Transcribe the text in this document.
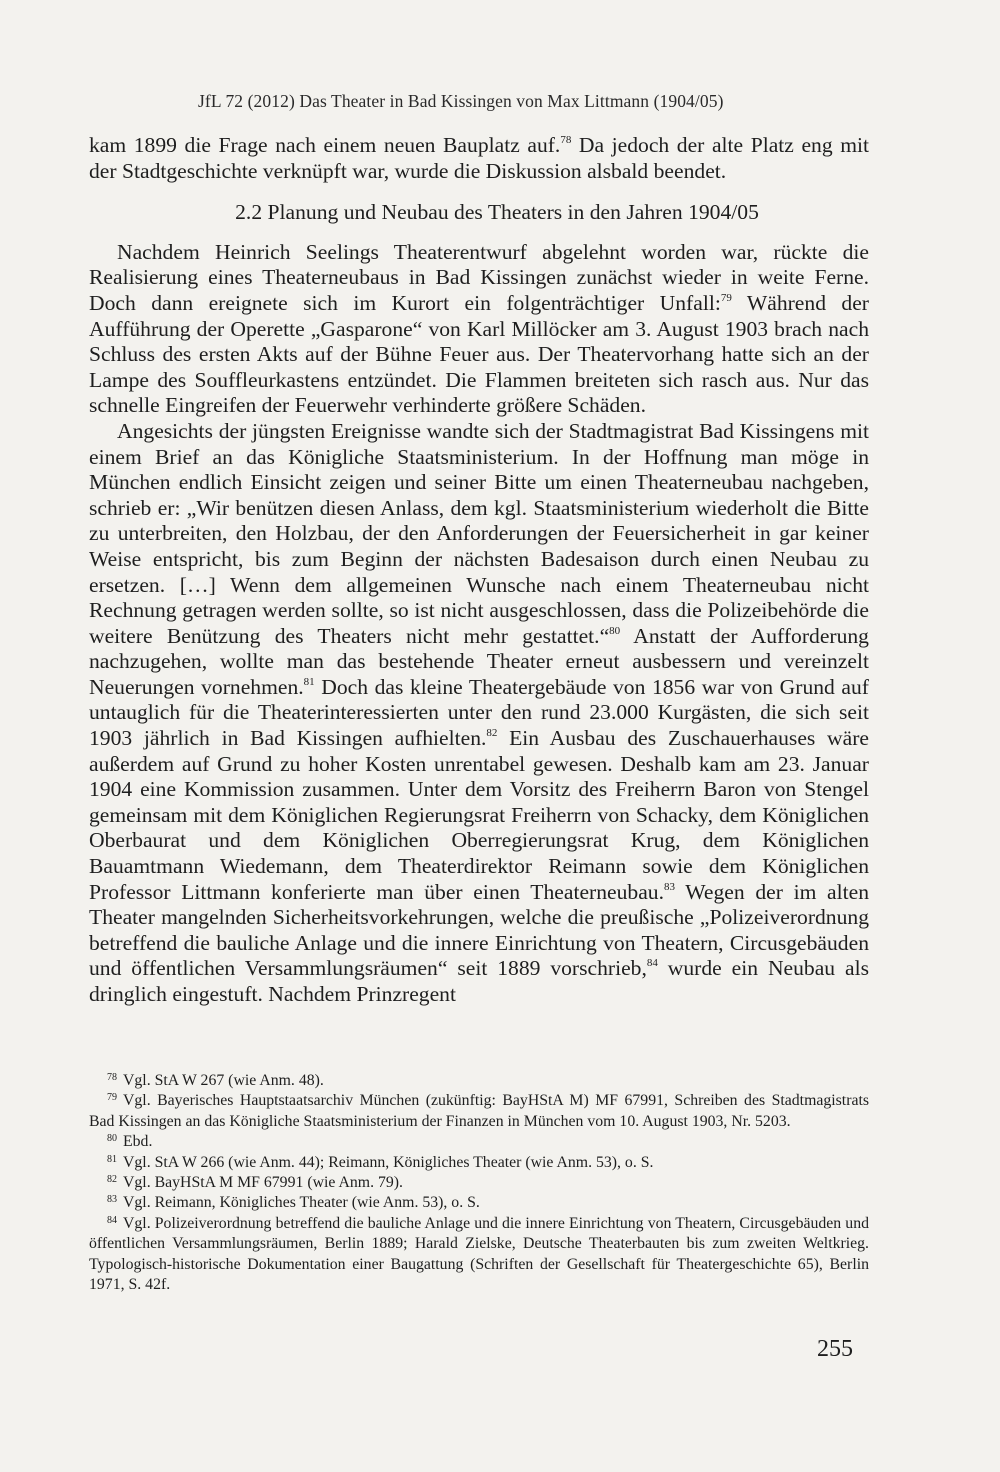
JfL 72 (2012) Das Theater in Bad Kissingen von Max Littmann (1904/05)

kam 1899 die Frage nach einem neuen Bauplatz auf.$^{78}$ Da jedoch der alte Platz eng mit der Stadtgeschichte verknüpft war, wurde die Diskussion alsbald beendet.

2.2 Planung und Neubau des Theaters in den Jahren 1904/05

Nachdem Heinrich Seelings Theaterentwurf abgelehnt worden war, rückte die Realisierung eines Theaterneubaus in Bad Kissingen zunächst wieder in weite Ferne. Doch dann ereignete sich im Kurort ein folgenträchtiger Unfall:$^{79}$ Während der Aufführung der Operette „Gasparone“ von Karl Millöcker am 3. August 1903 brach nach Schluss des ersten Akts auf der Bühne Feuer aus. Der Theatervorhang hatte sich an der Lampe des Souffleurkastens entzündet. Die Flammen breiteten sich rasch aus. Nur das schnelle Eingreifen der Feuerwehr verhinderte größere Schäden.

Angesichts der jüngsten Ereignisse wandte sich der Stadtmagistrat Bad Kissingens mit einem Brief an das Königliche Staatsministerium. In der Hoffnung man möge in München endlich Einsicht zeigen und seiner Bitte um einen Theaterneubau nachgeben, schrieb er: „Wir benützen diesen Anlass, dem kgl. Staatsministerium wiederholt die Bitte zu unterbreiten, den Holzbau, der den Anforderungen der Feuersicherheit in gar keiner Weise entspricht, bis zum Beginn der nächsten Badesaison durch einen Neubau zu ersetzen. […] Wenn dem allgemeinen Wunsche nach einem Theaterneubau nicht Rechnung getragen werden sollte, so ist nicht ausgeschlossen, dass die Polizeibehörde die weitere Benützung des Theaters nicht mehr gestattet.“$^{80}$ Anstatt der Aufforderung nachzugehen, wollte man das bestehende Theater erneut ausbessern und vereinzelt Neuerungen vornehmen.$^{81}$ Doch das kleine Theatergebäude von 1856 war von Grund auf untauglich für die Theaterinteressierten unter den rund 23.000 Kurgästen, die sich seit 1903 jährlich in Bad Kissingen aufhielten.$^{82}$ Ein Ausbau des Zuschauerhauses wäre außerdem auf Grund zu hoher Kosten unrentabel gewesen. Deshalb kam am 23. Januar 1904 eine Kommission zusammen. Unter dem Vorsitz des Freiherrn Baron von Stengel gemeinsam mit dem Königlichen Regierungsrat Freiherrn von Schacky, dem Königlichen Oberbaurat und dem Königlichen Oberregierungsrat Krug, dem Königlichen Bauamtmann Wiedemann, dem Theaterdirektor Reimann sowie dem Königlichen Professor Littmann konferierte man über einen Theaterneubau.$^{83}$ Wegen der im alten Theater mangelnden Sicherheitsvorkehrungen, welche die preußische „Polizeiverordnung betreffend die bauliche Anlage und die innere Einrichtung von Theatern, Circusgebäuden und öffentlichen Versammlungsräumen“ seit 1889 vorschrieb,$^{84}$ wurde ein Neubau als dringlich eingestuft. Nachdem Prinzregent

78 Vgl. StA W 267 (wie Anm. 48).
79 Vgl. Bayerisches Hauptstaatsarchiv München (zukünftig: BayHStA M) MF 67991, Schreiben des Stadtmagistrats Bad Kissingen an das Königliche Staatsministerium der Finanzen in München vom 10. August 1903, Nr. 5203.
80 Ebd.
81 Vgl. StA W 266 (wie Anm. 44); Reimann, Königliches Theater (wie Anm. 53), o. S.
82 Vgl. BayHStA M MF 67991 (wie Anm. 79).
83 Vgl. Reimann, Königliches Theater (wie Anm. 53), o. S.
84 Vgl. Polizeiverordnung betreffend die bauliche Anlage und die innere Einrichtung von Theatern, Circusgebäuden und öffentlichen Versammlungsräumen, Berlin 1889; Harald Zielske, Deutsche Theaterbauten bis zum zweiten Weltkrieg. Typologisch-historische Dokumentation einer Baugattung (Schriften der Gesellschaft für Theatergeschichte 65), Berlin 1971, S. 42f.
255
